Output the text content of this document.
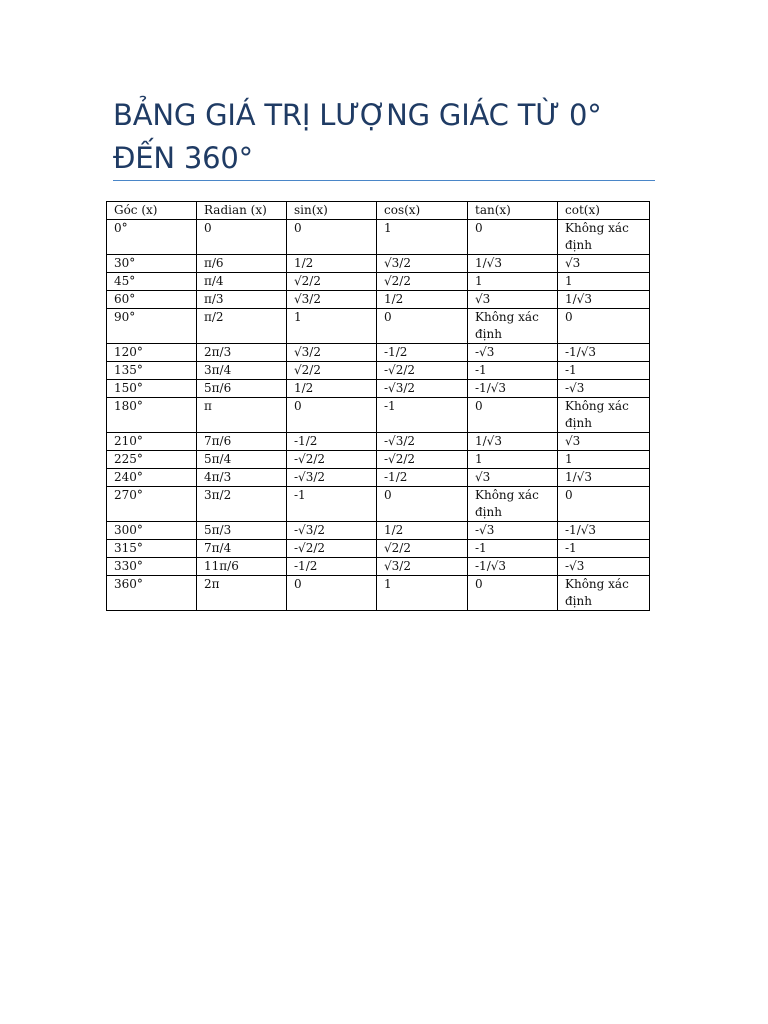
BẢNG GIÁ TRỊ LƯỢNG GIÁC TỪ 0° ĐẾN 360°
Góc (x)	Radian (x)	sin(x)	cos(x)	tan(x)	cot(x)
0°	0	0	1	0	Không xác định
30°	π/6	1/2	√3/2	1/√3	√3
45°	π/4	√2/2	√2/2	1	1
60°	π/3	√3/2	1/2	√3	1/√3
90°	π/2	1	0	Không xác định	0
120°	2π/3	√3/2	-1/2	-√3	-1/√3
135°	3π/4	√2/2	-√2/2	-1	-1
150°	5π/6	1/2	-√3/2	-1/√3	-√3
180°	π	0	-1	0	Không xác định
210°	7π/6	-1/2	-√3/2	1/√3	√3
225°	5π/4	-√2/2	-√2/2	1	1
240°	4π/3	-√3/2	-1/2	√3	1/√3
270°	3π/2	-1	0	Không xác định	0
300°	5π/3	-√3/2	1/2	-√3	-1/√3
315°	7π/4	-√2/2	√2/2	-1	-1
330°	11π/6	-1/2	√3/2	-1/√3	-√3
360°	2π	0	1	0	Không xác định
